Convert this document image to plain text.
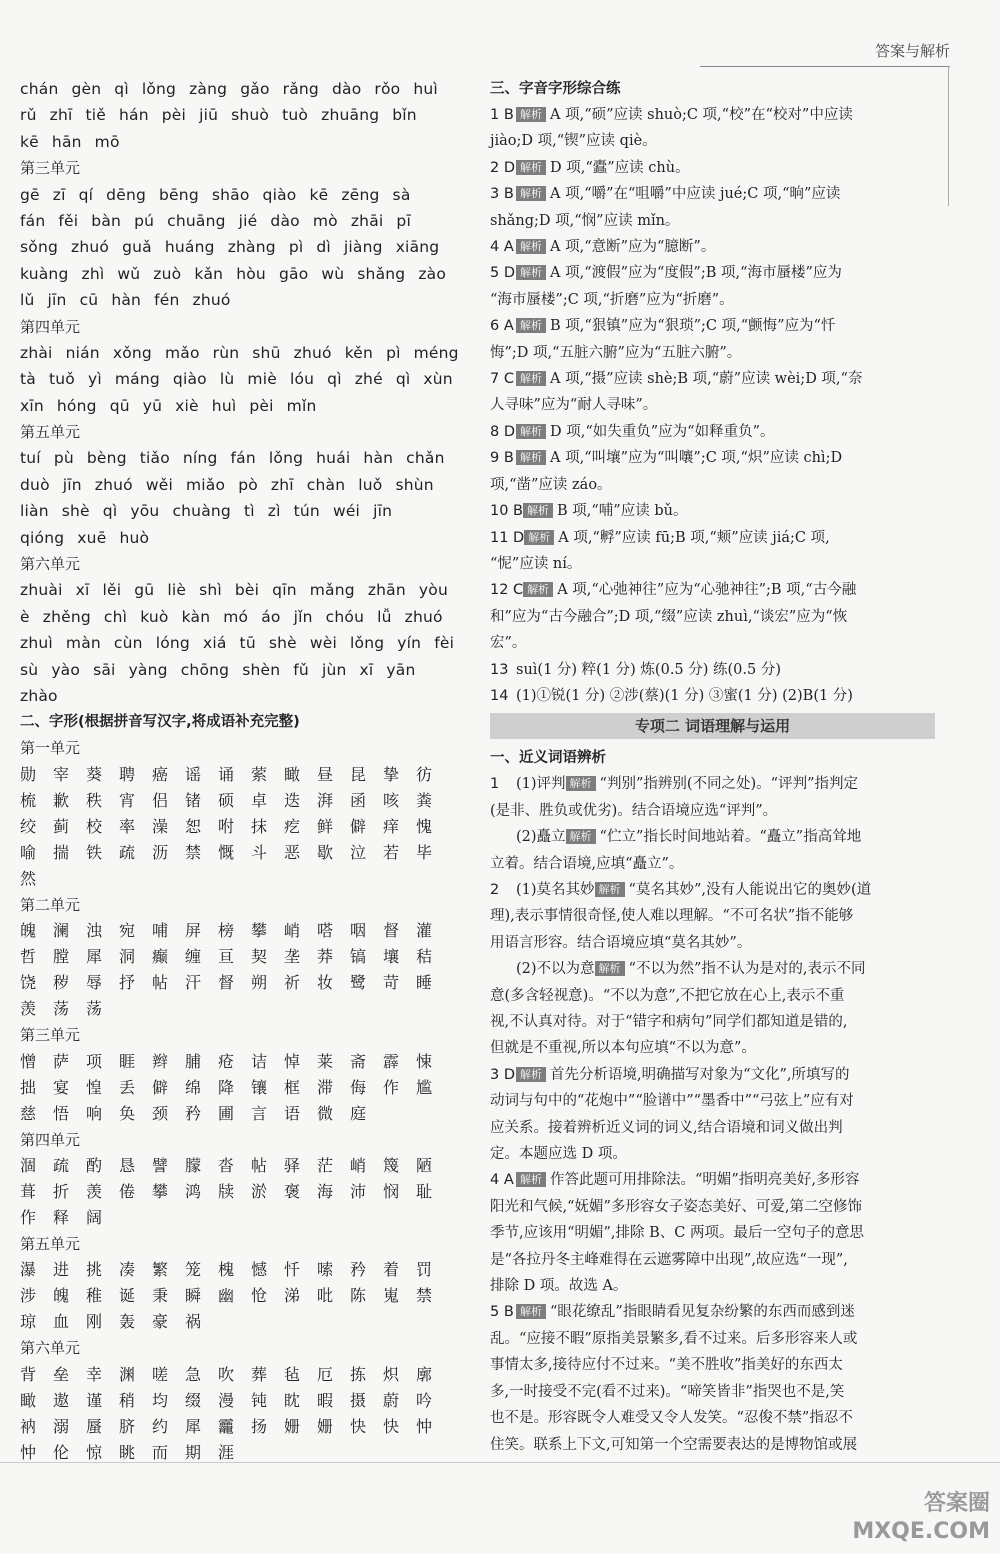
答案与解析
chán gèn qì lǒng zàng gǎo rǎng dào rǒo huì
rǔ zhī tiě hán pèi jiū shuò tuò zhuāng bǐn
kē hān mō
第三单元
gē zī qí dēng bēng shāo qiào kē zēng sà
fán fěi bàn pú chuāng jié dào mò zhāi pī
sǒng zhuó guǎ huáng zhàng pì dì jiàng xiāng
kuàng zhì wǔ zuò kǎn hòu gāo wù shǎng zào
lǔ jīn cū hàn fén zhuó
第四单元
zhài nián xǒng mǎo rùn shū zhuó kěn pì méng
tà tuǒ yì máng qiào lù miè lóu qì zhé qì xùn
xīn hóng qū yū xiè huì pèi mǐn
第五单元
tuí pù bèng tiǎo níng fán lǒng huái hàn chǎn
duò jīn zhuó wěi miǎo pò zhī chàn luǒ shùn
liàn shè qì yōu chuàng tì zì tún wéi jīn
qióng xuē huò
第六单元
zhuài xī lěi gū liè shì bèi qīn mǎng zhān yòu
è zhěng chì kuò kàn mó áo jǐn chóu lǚ zhuó
zhuì màn cùn lóng xiá tū shè wèi lǒng yín fèi
sù yào sāi yàng chōng shèn fǔ jùn xī yān
zhào
二、字形(根据拼音写汉字,将成语补充完整)
第一单元
勋 宰 葵 聘 癌 谣 诵 萦 瞰 昼 昆 挚 彷
梳 歉 秩 宵 侣 锗 硕 卓 迭 湃 函 咳 粪
绞 蓟 校 率 澡 恕 咐 抹 疙 鲜 僻 痒 愧
喻 揣 铁 疏 沥 禁 慨 斗 恶 歇 泣 若 毕
然
第二单元
魄 澜 浊 宛 哺 屏 榜 攀 峭 嗒 咽 督 灌
哲 膛 犀 洞 癫 缠 亘 契 垄 莽 镐 壤 秸
饶 秽 辱 抒 帖 汗 督 朔 祈 妆 鹭 苛 睡
羡 荡 荡
第三单元
憎 萨 项 睚 辫 脯 疮 诘 悼 莱 斋 霹 悚
拙 宴 惶 丢 僻 绵 降 镶 框 滞 侮 作 尴
慈 悟 响 奂 颈 矜 圃 言 语 微 庭
第四单元
涸 疏 酌 恳 譬 朦 沓 帖 驿 茫 峭 篾 陋
葺 折 羡 倦 攀 鸿 牍 淤 褒 海 沛 悯 耻
作 释 阔
第五单元
瀑 进 挑 凑 繁 笼 槐 憾 忏 嗦 矜 着 罚
涉 魄 稚 诞 秉 瞬 幽 怆 涕 吡 陈 嵬 禁
琼 血 刚 轰 豪 祸
第六单元
背 垒 幸 渊 嗟 急 吹 葬 毡 厄 拣 炽 廓
瞰 遨 谨 稍 均 缀 漫 钝 眈 暇 摄 蔚 吟
衲 溺 蜃 脐 约 犀 龗 扬 姗 姗 快 快 忡
忡 伦 惊 眺 而 期 涯
三、字音字形综合练

1 B 解析 A 项,“硕”应读 shuò;C 项,“校”在“校对”中应读

jiào;D 项,“锲”应读 qiè。

2 D 解析 D 项,“蠹”应读 chù。

3 B 解析 A 项,“嚼”在“咀嚼”中应读 jué;C 项,“晌”应读

shǎng;D 项,“悯”应读 mǐn。

4 A 解析 A 项,“意断”应为“臆断”。

5 D 解析 A 项,“渡假”应为“度假”;B 项,“海市蜃楼”应为

“海市蜃楼”;C 项,“折磨”应为“折磨”。

6 A 解析 B 项,“狠镇”应为“狠琐”;C 项,“颤悔”应为“忏

悔”;D 项,“五脏六腑”应为“五脏六腑”。

7 C 解析 A 项,“摄”应读 shè;B 项,“蔚”应读 wèi;D 项,“奈

人寻味”应为“耐人寻味”。

8 D 解析 D 项,“如失重负”应为“如释重负”。

9 B 解析 A 项,“叫壤”应为“叫嚷”;C 项,“炽”应读 chì;D

项,“凿”应读 záo。

10 B 解析 B 项,“哺”应读 bǔ。

11 D 解析 A 项,“孵”应读 fū;B 项,“颊”应读 jiá;C 项,

“怩”应读 ní。

12 C 解析 A 项,“心弛神往”应为“心驰神往”;B 项,“古今融

和”应为“古今融合”;D 项,“缀”应读 zhuì,“谈宏”应为“恢

宏”。

13 suì(1 分) 粹(1 分) 炼(0.5 分) 练(0.5 分)

14 (1)①锐(1 分) ②涉(蔡)(1 分) ③蜜(1 分) (2)B(1 分)

专项二 词语理解与运用
一、近义词语辨析

1 (1)评判 解析 “判别”指辨别(不同之处)。“评判”指判定

(是非、胜负或优劣)。结合语境应选“评判”。

(2)矗立 解析 “伫立”指长时间地站着。“矗立”指高耸地

立着。结合语境,应填“矗立”。

2 (1)莫名其妙 解析 “莫名其妙”,没有人能说出它的奥妙(道

理),表示事情很奇怪,使人难以理解。“不可名状”指不能够

用语言形容。结合语境应填“莫名其妙”。

(2)不以为意 解析 “不以为然”指不认为是对的,表示不同

意(多含轻视意)。“不以为意”,不把它放在心上,表示不重

视,不认真对待。对于“错字和病句”同学们都知道是错的,

但就是不重视,所以本句应填“不以为意”。

3 D 解析 首先分析语境,明确描写对象为“文化”,所填写的

动词与句中的“花炮中”“脸谱中”“墨香中”“弓弦上”应有对

应关系。接着辨析近义词的词义,结合语境和词义做出判

定。本题应选 D 项。

4 A 解析 作答此题可用排除法。“明媚”指明亮美好,多形容

阳光和气候,“妩媚”多形容女子姿态美好、可爱,第二空修饰

季节,应该用“明媚”,排除 B、C 两项。最后一空句子的意思

是“各拉丹冬主峰难得在云遮雾障中出现”,故应选“一现”,

排除 D 项。故选 A。

5 B 解析 “眼花缭乱”指眼睛看见复杂纷繁的东西而感到迷

乱。“应接不暇”原指美景繁多,看不过来。后多形容来人或

事情太多,接待应付不过来。“美不胜收”指美好的东西太

多,一时接受不完(看不过来)。“啼笑皆非”指哭也不是,笑

也不是。形容既令人难受又令人发笑。“忍俊不禁”指忍不

住笑。联系上下文,可知第一个空需要表达的是博物馆或展

答案圈
MXQE.COM
